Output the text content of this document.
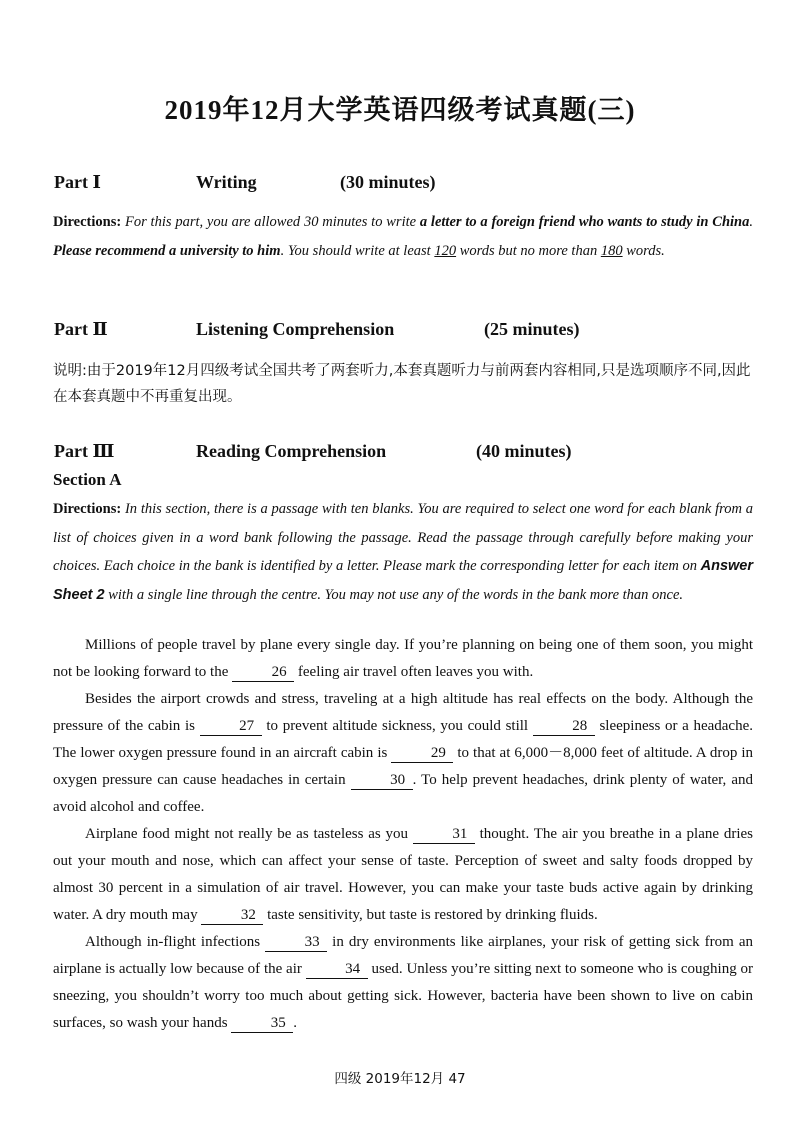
2019年12月大学英语四级考试真题(三)
Part Ⅰ	Writing	(30 minutes)
Directions: For this part, you are allowed 30 minutes to write a letter to a foreign friend who wants to study in China. Please recommend a university to him. You should write at least 120 words but no more than 180 words.
Part Ⅱ	Listening Comprehension	(25 minutes)
说明:由于2019年12月四级考试全国共考了两套听力,本套真题听力与前两套内容相同,只是选项顺序不同,因此在本套真题中不再重复出现。
Part Ⅲ	Reading Comprehension	(40 minutes)
Section A
Directions: In this section, there is a passage with ten blanks. You are required to select one word for each blank from a list of choices given in a word bank following the passage. Read the passage through carefully before making your choices. Each choice in the bank is identified by a letter. Please mark the corresponding letter for each item on Answer Sheet 2 with a single line through the centre. You may not use any of the words in the bank more than once.

Millions of people travel by plane every single day. If you’re planning on being one of them soon, you might not be looking forward to the	26 feeling air travel often leaves you with.

Besides the airport crowds and stress, traveling at a high altitude has real effects on the body. Although the pressure of the cabin is	27 to prevent altitude sickness, you could still	28 sleepiness or a headache. The lower oxygen pressure found in an aircraft cabin is	29 to that at 6,000－8,000 feet of altitude. A drop in oxygen pressure can cause headaches in certain	30 . To help prevent headaches, drink plenty of water, and avoid alcohol and coffee.

Airplane food might not really be as tasteless as you	31 thought. The air you breathe in a plane dries out your mouth and nose, which can affect your sense of taste. Perception of sweet and salty foods dropped by almost 30 percent in a simulation of air travel. However, you can make your taste buds active again by drinking water. A dry mouth may	32 taste sensitivity, but taste is restored by drinking fluids.

Although in-flight infections	33 in dry environments like airplanes, your risk of getting sick from an airplane is actually low because of the air	34 used. Unless you’re sitting next to someone who is coughing or sneezing, you shouldn’t worry too much about getting sick. However, bacteria have been shown to live on cabin surfaces, so wash your hands	35 .

四级 2019年12月 47
